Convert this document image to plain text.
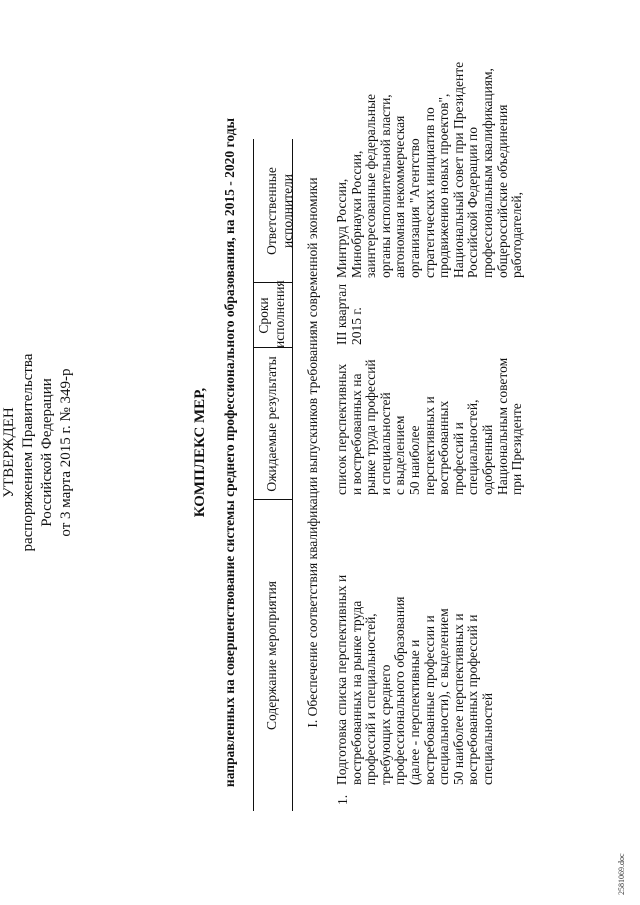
УТВЕРЖДЕН распоряжением Правительства Российской Федерации от 3 марта 2015 г. № 349-р	КОМПЛЕКС МЕР, направленных на совершенствование системы среднего профессионального образования, на 2015 - 2020 годы Содержание мероприятия
Ожидаемые результаты
Сроки исполнения
Ответственные исполнители I. Обеспечение соответствия квалификации выпускников требованиям современной экономики
1.
Подготовка списка перспективных и востребованных на рынке труда профессий и специальностей, требующих среднего профессионального образования (далее - перспективные и востребованные профессии и специальности), с выделением 50 наиболее перспективных и востребованных профессий и специальностей
список перспективных и востребованных на рынке труда профессий и специальностей с выделением 50 наиболее перспективных и востребованных профессий и специальностей, одобренный Национальным советом при Президенте
III квартал 2015 г.
Минтруд России, Минобрнауки России, заинтересованные федеральные органы исполнительной власти, автономная некоммерческая организация "Агентство стратегических инициатив по продвижению новых проектов", Национальный совет при Президенте Российской Федерации по профессиональным квалификациям, общероссийские объединения работодателей,
2581069.doc
